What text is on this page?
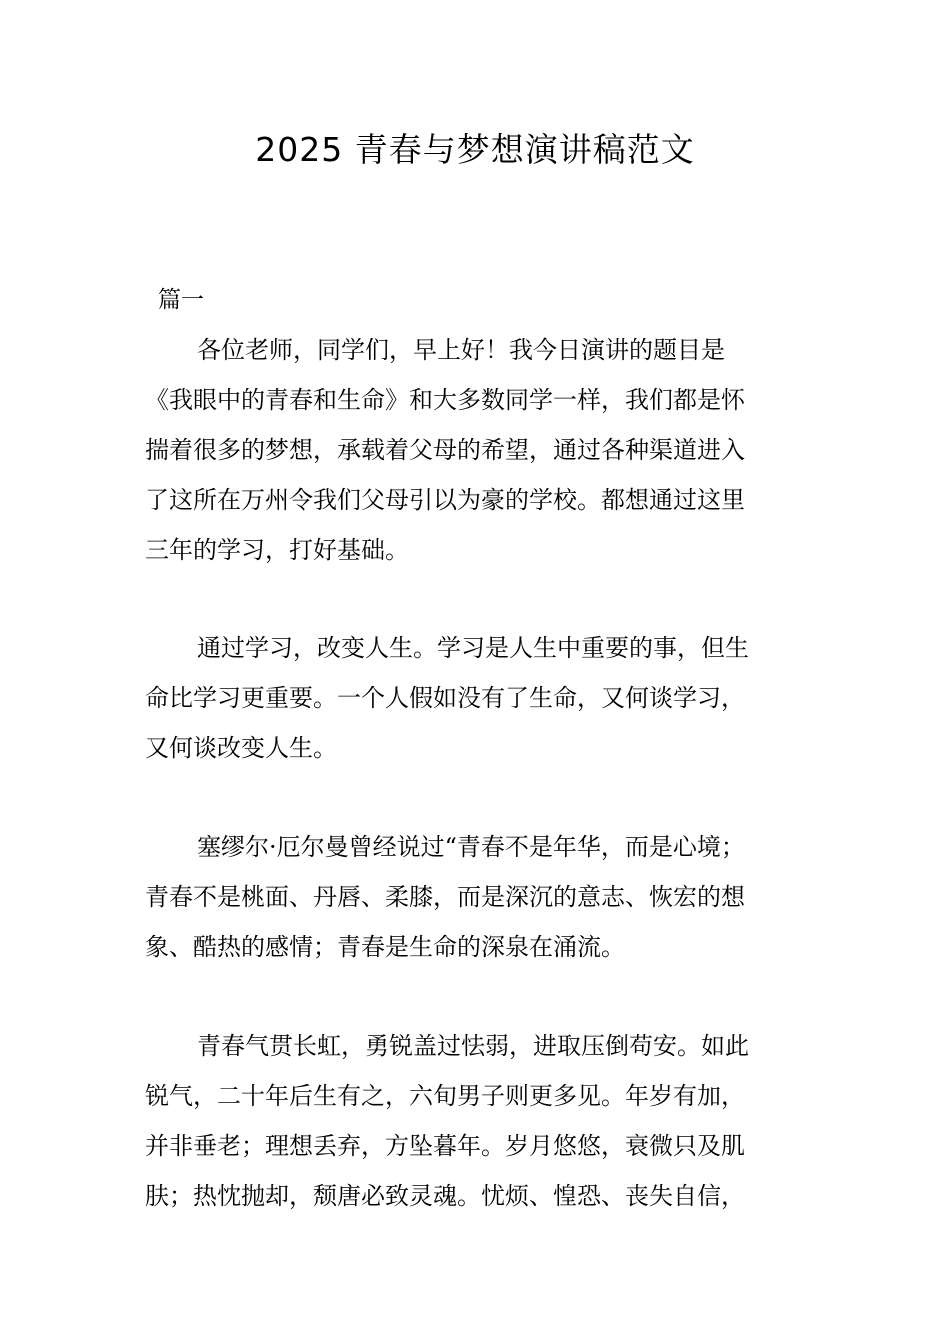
2025 青春与梦想演讲稿范文

篇一

各位老师，同学们，早上好！我今日演讲的题目是
《我眼中的青春和生命》和大多数同学一样，我们都是怀
揣着很多的梦想，承载着父母的希望，通过各种渠道进入
了这所在万州令我们父母引以为豪的学校。都想通过这里
三年的学习，打好基础。
通过学习，改变人生。学习是人生中重要的事，但生
命比学习更重要。一个人假如没有了生命，又何谈学习，
又何谈改变人生。
塞缪尔·厄尔曼曾经说过“青春不是年华，而是心境；
青春不是桃面、丹唇、柔膝，而是深沉的意志、恢宏的想
象、酷热的感情；青春是生命的深泉在涌流。
青春气贯长虹，勇锐盖过怯弱，进取压倒苟安。如此
锐气，二十年后生有之，六旬男子则更多见。年岁有加，
并非垂老；理想丢弃，方坠暮年。岁月悠悠，衰微只及肌
肤；热忱抛却，颓唐必致灵魂。忧烦、惶恐、丧失自信，
